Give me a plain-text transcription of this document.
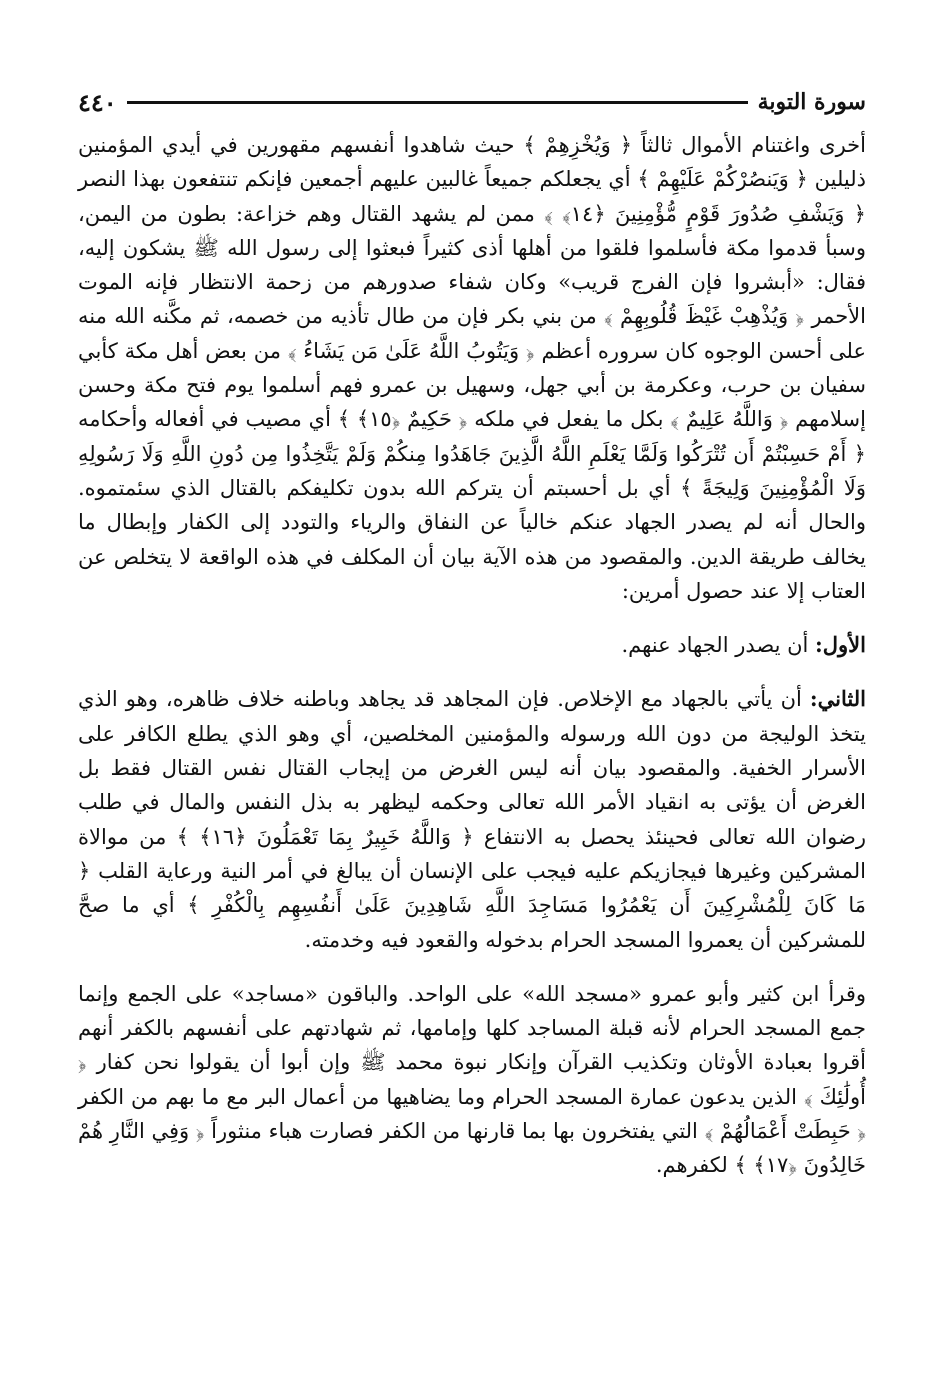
سورة التوبة
٤٤٠

أخرى واغتنام الأموال ثالثاً ﴿ وَيُخْزِهِمْ ﴾ حيث شاهدوا أنفسهم مقهورين في أيدي المؤمنين ذليلين ﴿ وَيَنصُرْكُمْ عَلَيْهِمْ ﴾ أي يجعلكم جميعاً غالبين عليهم أجمعين فإنكم تنتفعون بهذا النصر ﴿ وَيَشْفِ صُدُورَ قَوْمٍ مُّؤْمِنِينَ ﴿١٤﴾ ﴾ ممن لم يشهد القتال وهم خزاعة: بطون من اليمن، وسبأ قدموا مكة فأسلموا فلقوا من أهلها أذى كثيراً فبعثوا إلى رسول الله ﷺ يشكون إليه، فقال: «أبشروا فإن الفرج قريب» وكان شفاء صدورهم من زحمة الانتظار فإنه الموت الأحمر ﴿ وَيُذْهِبْ غَيْظَ قُلُوبِهِمْ ﴾ من بني بكر فإن من طال تأذيه من خصمه، ثم مكَّنه الله منه على أحسن الوجوه كان سروره أعظم ﴿ وَيَتُوبُ اللَّهُ عَلَىٰ مَن يَشَاءُ ﴾ من بعض أهل مكة كأبي سفيان بن حرب، وعكرمة بن أبي جهل، وسهيل بن عمرو فهم أسلموا يوم فتح مكة وحسن إسلامهم ﴿ وَاللَّهُ عَلِيمٌ ﴾ بكل ما يفعل في ملكه ﴿ حَكِيمٌ ﴿١٥﴾ ﴾ أي مصيب في أفعاله وأحكامه ﴿ أَمْ حَسِبْتُمْ أَن تُتْرَكُوا وَلَمَّا يَعْلَمِ اللَّهُ الَّذِينَ جَاهَدُوا مِنكُمْ وَلَمْ يَتَّخِذُوا مِن دُونِ اللَّهِ وَلَا رَسُولِهِ وَلَا الْمُؤْمِنِينَ وَلِيجَةً ﴾ أي بل أحسبتم أن يتركم الله بدون تكليفكم بالقتال الذي سئمتموه. والحال أنه لم يصدر الجهاد عنكم خالياً عن النفاق والرياء والتودد إلى الكفار وإبطال ما يخالف طريقة الدين. والمقصود من هذه الآية بيان أن المكلف في هذه الواقعة لا يتخلص عن العتاب إلا عند حصول أمرين:

الأول: أن يصدر الجهاد عنهم.

الثاني: أن يأتي بالجهاد مع الإخلاص. فإن المجاهد قد يجاهد وباطنه خلاف ظاهره، وهو الذي يتخذ الوليجة من دون الله ورسوله والمؤمنين المخلصين، أي وهو الذي يطلع الكافر على الأسرار الخفية. والمقصود بيان أنه ليس الغرض من إيجاب القتال نفس القتال فقط بل الغرض أن يؤتى به انقياد الأمر الله تعالى وحكمه ليظهر به بذل النفس والمال في طلب رضوان الله تعالى فحينئذ يحصل به الانتفاع ﴿ وَاللَّهُ خَبِيرٌ بِمَا تَعْمَلُونَ ﴿١٦﴾ ﴾ من موالاة المشركين وغيرها فيجازيكم عليه فيجب على الإنسان أن يبالغ في أمر النية ورعاية القلب ﴿ مَا كَانَ لِلْمُشْرِكِينَ أَن يَعْمُرُوا مَسَاجِدَ اللَّهِ شَاهِدِينَ عَلَىٰ أَنفُسِهِم بِالْكُفْرِ ﴾ أي ما صحَّ للمشركين أن يعمروا المسجد الحرام بدخوله والقعود فيه وخدمته.

وقرأ ابن كثير وأبو عمرو «مسجد الله» على الواحد. والباقون «مساجد» على الجمع وإنما جمع المسجد الحرام لأنه قبلة المساجد كلها وإمامها، ثم شهادتهم على أنفسهم بالكفر أنهم أقروا بعبادة الأوثان وتكذيب القرآن وإنكار نبوة محمد ﷺ وإن أبوا أن يقولوا نحن كفار ﴿ أُولَٰئِكَ ﴾ الذين يدعون عمارة المسجد الحرام وما يضاهيها من أعمال البر مع ما بهم من الكفر ﴿ حَبِطَتْ أَعْمَالُهُمْ ﴾ التي يفتخرون بها بما قارنها من الكفر فصارت هباء منثوراً ﴿ وَفِي النَّارِ هُمْ خَالِدُونَ ﴿١٧﴾ ﴾ لكفرهم.
